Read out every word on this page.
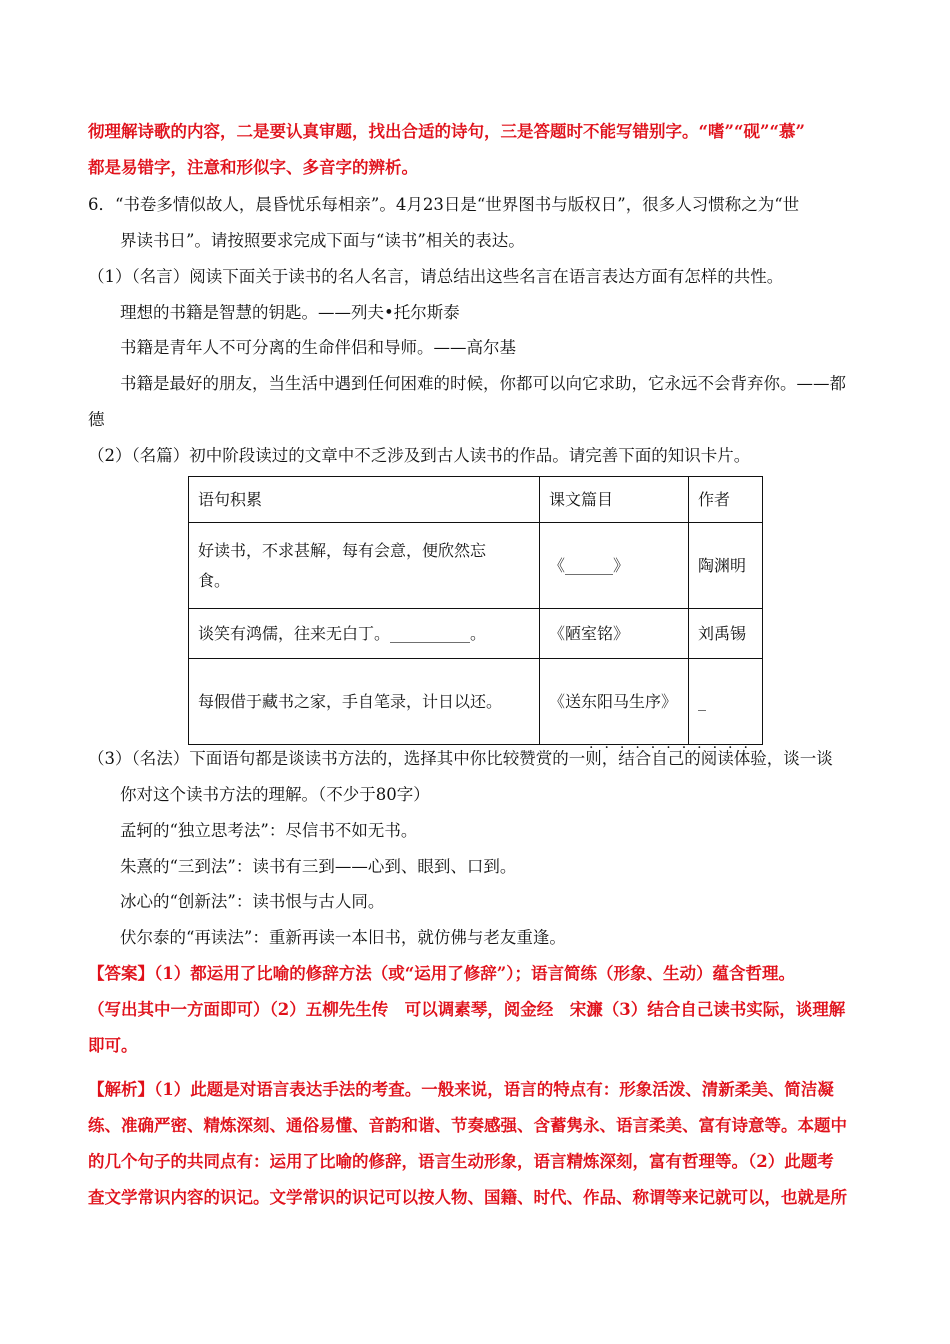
彻理解诗歌的内容，二是要认真审题，找出合适的诗句，三是答题时不能写错别字。“嗜”“砚”“慕”
都是易错字，注意和形似字、多音字的辨析。
6．“书卷多情似故人，晨昏忧乐每相亲”。4月23日是“世界图书与版权日”，很多人习惯称之为“世
界读书日”。请按照要求完成下面与“读书”相关的表达。
（1）（名言）阅读下面关于读书的名人名言，请总结出这些名言在语言表达方面有怎样的共性。
理想的书籍是智慧的钥匙。——列夫•托尔斯泰
书籍是青年人不可分离的生命伴侣和导师。——高尔基
书籍是最好的朋友，当生活中遇到任何困难的时候，你都可以向它求助，它永远不会背弃你。——都
德
（2）（名篇）初中阶段读过的文章中不乏涉及到古人读书的作品。请完善下面的知识卡片。
语句积累	课文篇目	作者
好读书，不求甚解，每有会意，便欣然忘
食。	《______》	陶渊明
谈笑有鸿儒，往来无白丁。__________。	《陋室铭》	刘禹锡
每假借于藏书之家，手自笔录，计日以还。	《送东阳马生序》	_
...........
（3）（名法）下面语句都是谈读书方法的，选择其中你比较赞赏的一则，结合自己的阅读体验，谈一谈
你对这个读书方法的理解。（不少于80字）
孟轲的“独立思考法”：尽信书不如无书。
朱熹的“三到法”：读书有三到——心到、眼到、口到。
冰心的“创新法”：读书恨与古人同。
伏尔泰的“再读法”：重新再读一本旧书，就仿佛与老友重逢。
【答案】（1）都运用了比喻的修辞方法（或“运用了修辞”）；语言简练（形象、生动）蕴含哲理。
（写出其中一方面即可）（2）五柳先生传　可以调素琴，阅金经　宋濂（3）结合自己读书实际，谈理解
即可。
【解析】（1）此题是对语言表达手法的考查。一般来说，语言的特点有：形象活泼、清新柔美、简洁凝
练、准确严密、精炼深刻、通俗易懂、音韵和谐、节奏感强、含蓄隽永、语言柔美、富有诗意等。本题中
的几个句子的共同点有：运用了比喻的修辞，语言生动形象，语言精炼深刻，富有哲理等。（2）此题考
查文学常识内容的识记。文学常识的识记可以按人物、国籍、时代、作品、称谓等来记就可以，也就是所
